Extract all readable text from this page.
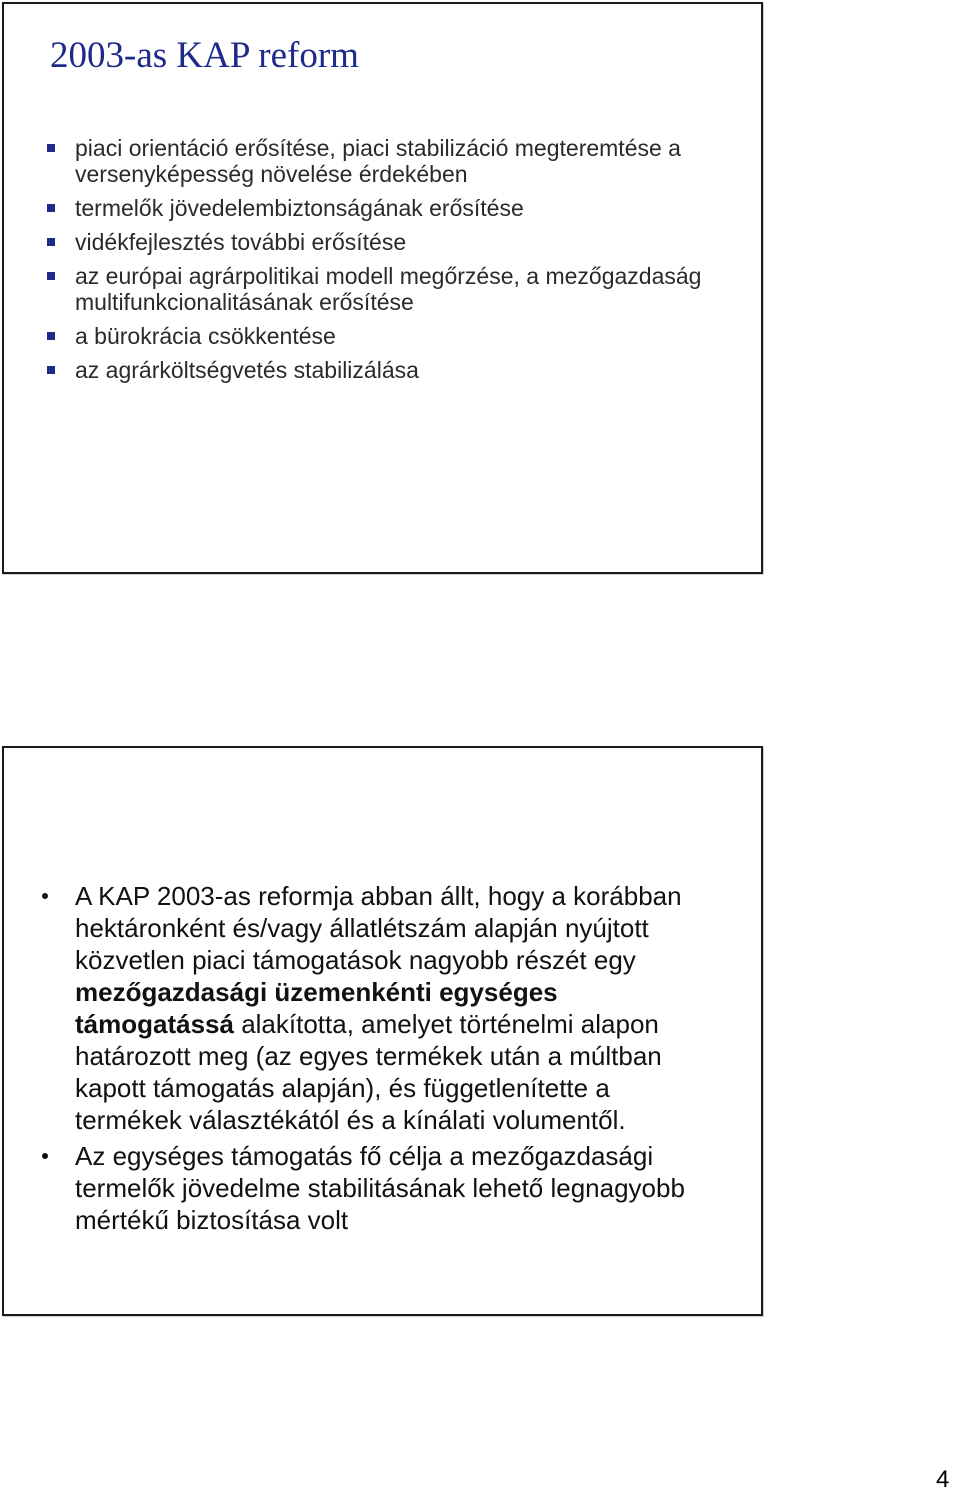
2003-as KAP reform
piaci orientáció erősítése, piaci stabilizáció megteremtése a versenyképesség növelése érdekében
termelők jövedelembiztonságának erősítése
vidékfejlesztés további erősítése
az európai agrárpolitikai modell megőrzése, a mezőgazdaság multifunkcionalitásának erősítése
a bürokrácia csökkentése
az agrárköltségvetés stabilizálása
A KAP 2003-as reformja abban állt, hogy a korábban hektáronként és/vagy állatlétszám alapján nyújtott közvetlen piaci támogatások nagyobb részét egy mezőgazdasági üzemenkénti egységes támogatássá alakította, amelyet történelmi alapon határozott meg (az egyes termékek után a múltban kapott támogatás alapján), és függetlenítette a termékek választékától és a kínálati volumentől.
Az egységes támogatás fő célja a mezőgazdasági termelők jövedelme stabilitásának lehető legnagyobb mértékű biztosítása volt
4
